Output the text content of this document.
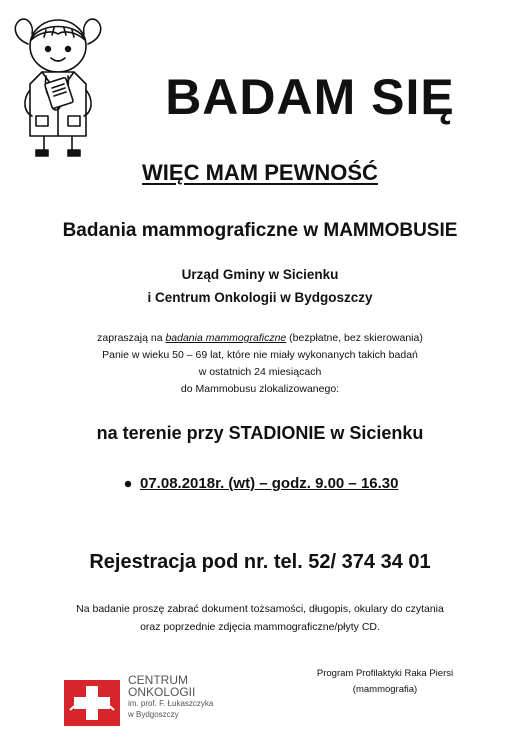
BADAM SIĘ
WIĘC MAM PEWNOŚĆ
Badania mammograficzne w MAMMOBUSIE
Urząd Gminy w Sicienku
i Centrum Onkologii w Bydgoszczy
zapraszają na badania mammograficzne (bezpłatne, bez skierowania)
Panie w wieku 50 – 69 lat, które nie miały wykonanych takich badań
w ostatnich 24 miesiącach
do Mammobusu zlokalizowanego:
na terenie przy STADIONIE w Sicienku
07.08.2018r. (wt) – godz. 9.00 – 16.30
Rejestracja pod nr. tel. 52/ 374 34 01
Na badanie proszę zabrać dokument tożsamości, długopis, okulary do czytania
oraz poprzednie zdjęcia mammograficzne/płyty CD.
CENTRUM
ONKOLOGII
im. prof. F. Łukaszczyka
w Bydgoszczy
Program Profilaktyki Raka Piersi
(mammografia)
